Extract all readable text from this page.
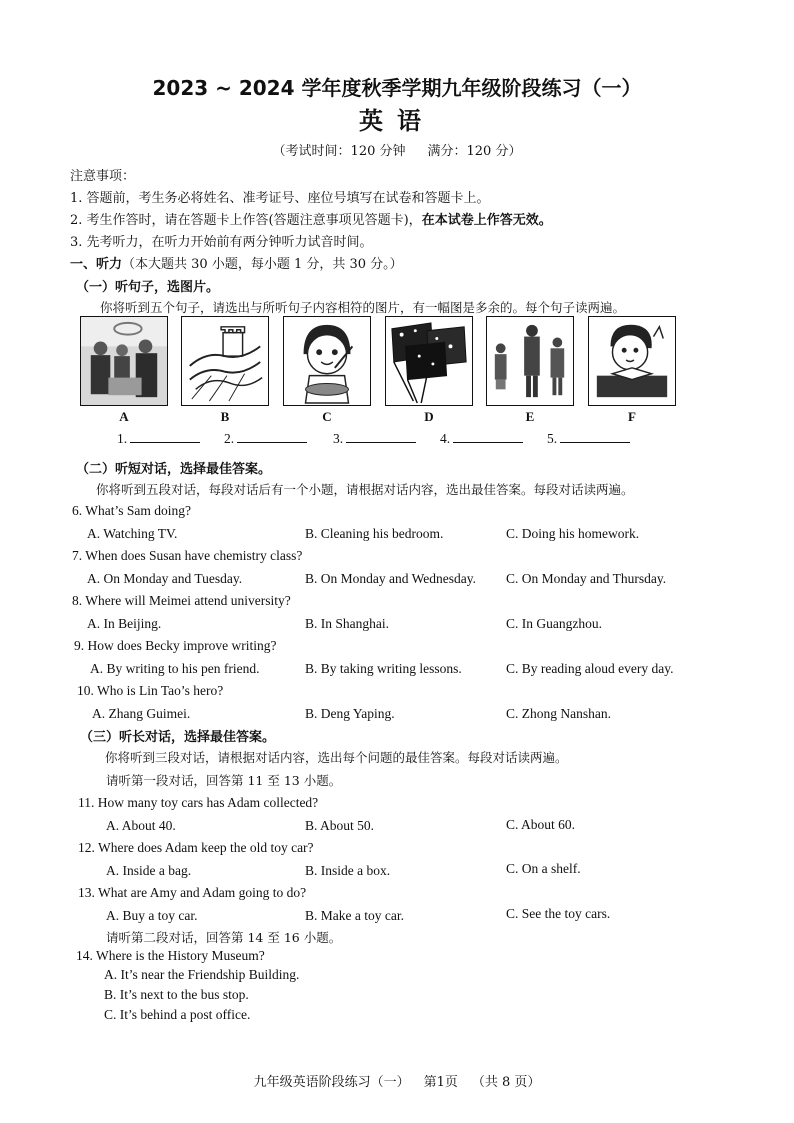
2023 ~ 2024 学年度秋季学期九年级阶段练习（一）
英语
（考试时间：120 分钟 满分：120 分）
注意事项：
1. 答题前，考生务必将姓名、准考证号、座位号填写在试卷和答题卡上。
2. 考生作答时，请在答题卡上作答(答题注意事项见答题卡)，在本试卷上作答无效。
3. 先考听力，在听力开始前有两分钟听力试音时间。
一、听力（本大题共 30 小题，每小题 1 分，共 30 分。）
（一）听句子，选图片。
你将听到五个句子，请选出与所听句子内容相符的图片，有一幅图是多余的。每个句子读两遍。
A	B	C	D	E	F
1.	2.	3.	4.	5.
（二）听短对话，选择最佳答案。
你将听到五段对话，每段对话后有一个小题，请根据对话内容，选出最佳答案。每段对话读两遍。
6. What’s Sam doing?
A. Watching TV.	B. Cleaning his bedroom.	C. Doing his homework.
7. When does Susan have chemistry class?
A. On Monday and Tuesday.	B. On Monday and Wednesday. C. On Monday and Thursday.
8. Where will Meimei attend university?
A. In Beijing.	B. In Shanghai.	C. In Guangzhou.
9. How does Becky improve writing?
A. By writing to his pen friend.	B. By taking writing lessons.	C. By reading aloud every day.
10. Who is Lin Tao’s hero?
A. Zhang Guimei.	B. Deng Yaping.	C. Zhong Nanshan.
（三）听长对话，选择最佳答案。
你将听到三段对话，请根据对话内容，选出每个问题的最佳答案。每段对话读两遍。
请听第一段对话，回答第 11 至 13 小题。
11. How many toy cars has Adam collected?
A. About 40.	B. About 50.	C. About 60.
12. Where does Adam keep the old toy car?
A. Inside a bag.	B. Inside a box.	C. On a shelf.
13. What are Amy and Adam going to do?
A. Buy a toy car.	B. Make a toy car.	C. See the toy cars.
请听第二段对话，回答第 14 至 16 小题。
14. Where is the History Museum?
A. It’s near the Friendship Building.
B. It’s next to the bus stop.
C. It’s behind a post office.
九年级英语阶段练习（一） 第1页 （共 8 页）
